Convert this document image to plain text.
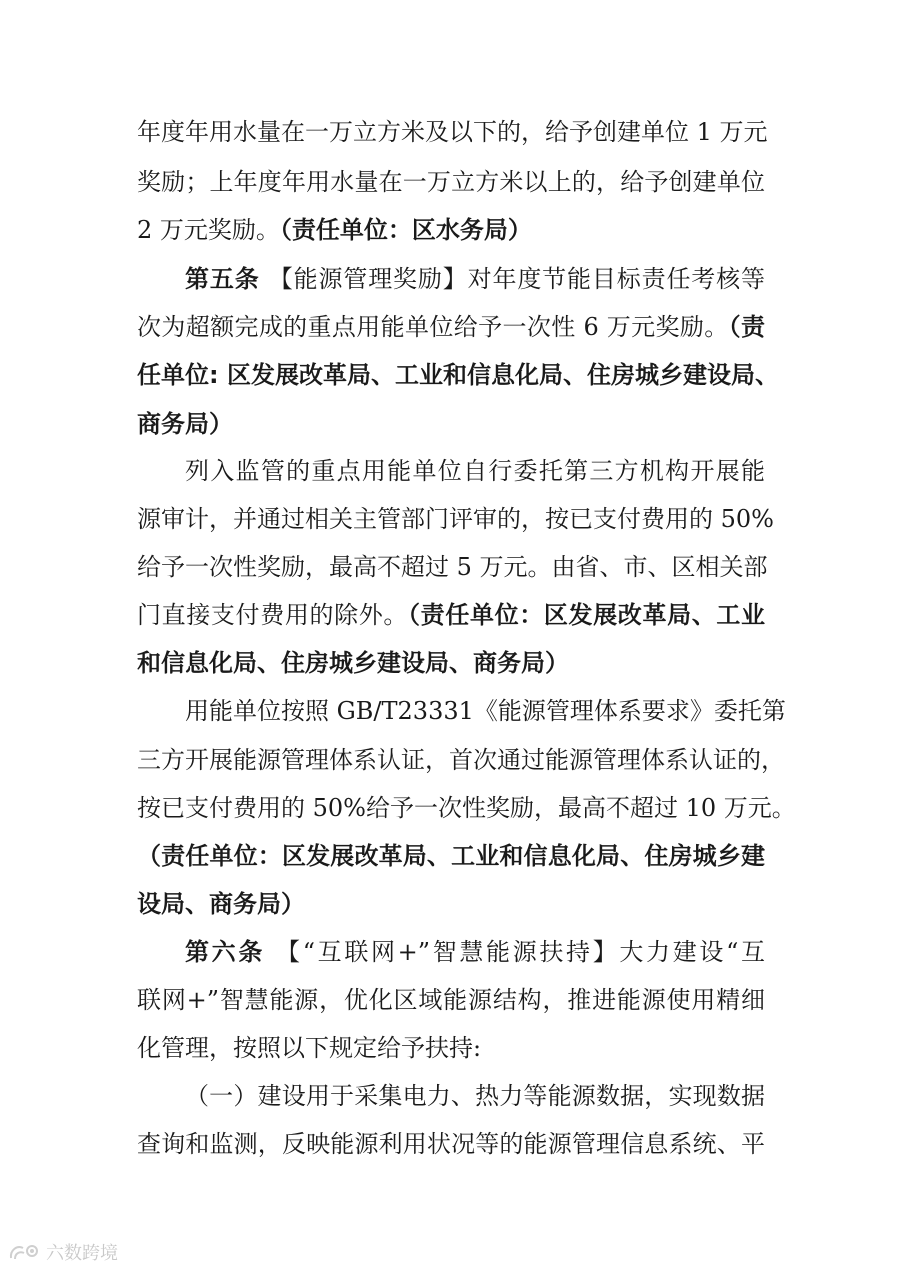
年度年用水量在一万立方米及以下的，给予创建单位 1 万元
奖励；上年度年用水量在一万立方米以上的，给予创建单位
2 万元奖励。（责任单位：区水务局）
第五条 【能源管理奖励】对年度节能目标责任考核等
次为超额完成的重点用能单位给予一次性 6 万元奖励。（责
任单位: 区发展改革局、工业和信息化局、住房城乡建设局、
商务局）
列入监管的重点用能单位自行委托第三方机构开展能
源审计，并通过相关主管部门评审的，按已支付费用的 50%
给予一次性奖励，最高不超过 5 万元。由省、市、区相关部
门直接支付费用的除外。（责任单位：区发展改革局、工业
和信息化局、住房城乡建设局、商务局）
用能单位按照 GB/T23331《能源管理体系要求》委托第
三方开展能源管理体系认证，首次通过能源管理体系认证的，
按已支付费用的 50%给予一次性奖励，最高不超过 10 万元。
（责任单位：区发展改革局、工业和信息化局、住房城乡建
设局、商务局）
第六条 【“互联网+”智慧能源扶持】大力建设“互
联网+”智慧能源，优化区域能源结构，推进能源使用精细
化管理，按照以下规定给予扶持:
（一）建设用于采集电力、热力等能源数据，实现数据
查询和监测，反映能源利用状况等的能源管理信息系统、平
六数跨境
